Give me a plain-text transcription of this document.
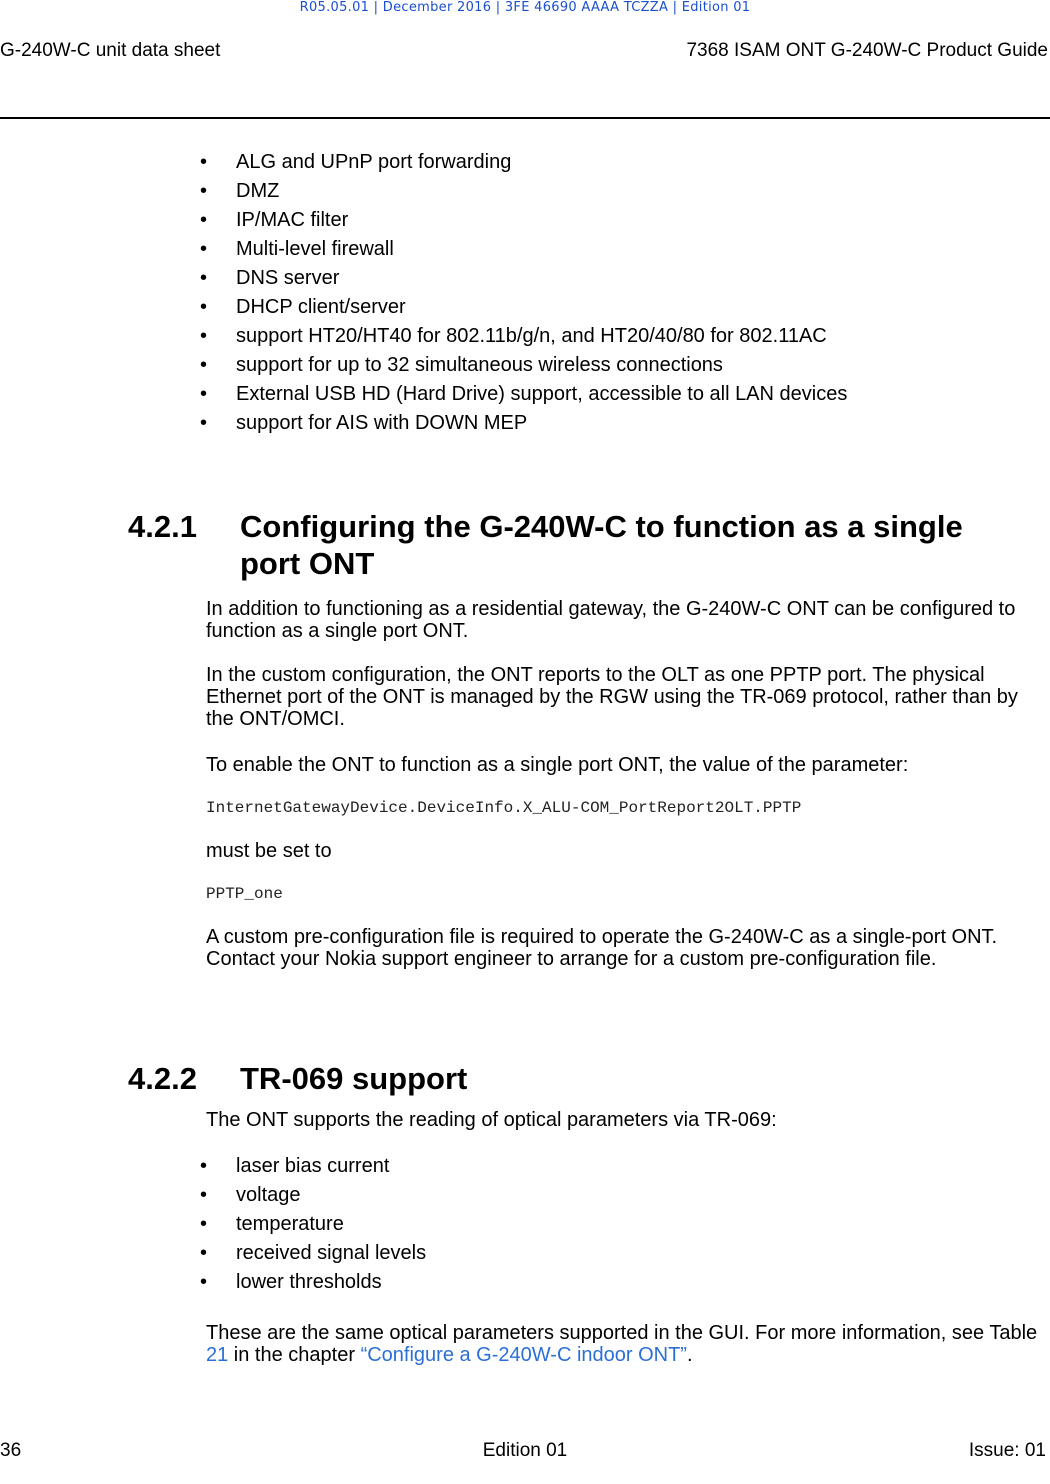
R05.05.01 | December 2016 | 3FE 46690 AAAA TCZZA | Edition 01
G-240W-C unit data sheet	7368 ISAM ONT G-240W-C Product Guide
• ALG and UPnP port forwarding
• DMZ
• IP/MAC filter
• Multi-level firewall
• DNS server
• DHCP client/server
• support HT20/HT40 for 802.11b/g/n, and HT20/40/80 for 802.11AC
• support for up to 32 simultaneous wireless connections
• External USB HD (Hard Drive) support, accessible to all LAN devices
• support for AIS with DOWN MEP
4.2.1	Configuring the G-240W-C to function as a single
port ONT
In addition to functioning as a residential gateway, the G-240W-C ONT can be configured to function as a single port ONT.
In the custom configuration, the ONT reports to the OLT as one PPTP port. The physical Ethernet port of the ONT is managed by the RGW using the TR-069 protocol, rather than by the ONT/OMCI.
To enable the ONT to function as a single port ONT, the value of the parameter:
InternetGatewayDevice.DeviceInfo.X_ALU-COM_PortReport2OLT.PPTP
must be set to
PPTP_one
A custom pre-configuration file is required to operate the G-240W-C as a single-port ONT. Contact your Nokia support engineer to arrange for a custom pre-configuration file.
4.2.2 TR-069 support
The ONT supports the reading of optical parameters via TR-069:
• laser bias current
• voltage
• temperature
• received signal levels
• lower thresholds
These are the same optical parameters supported in the GUI. For more information, see Table 21 in the chapter “Configure a G-240W-C indoor ONT”.
36	Edition 01	Issue: 01
